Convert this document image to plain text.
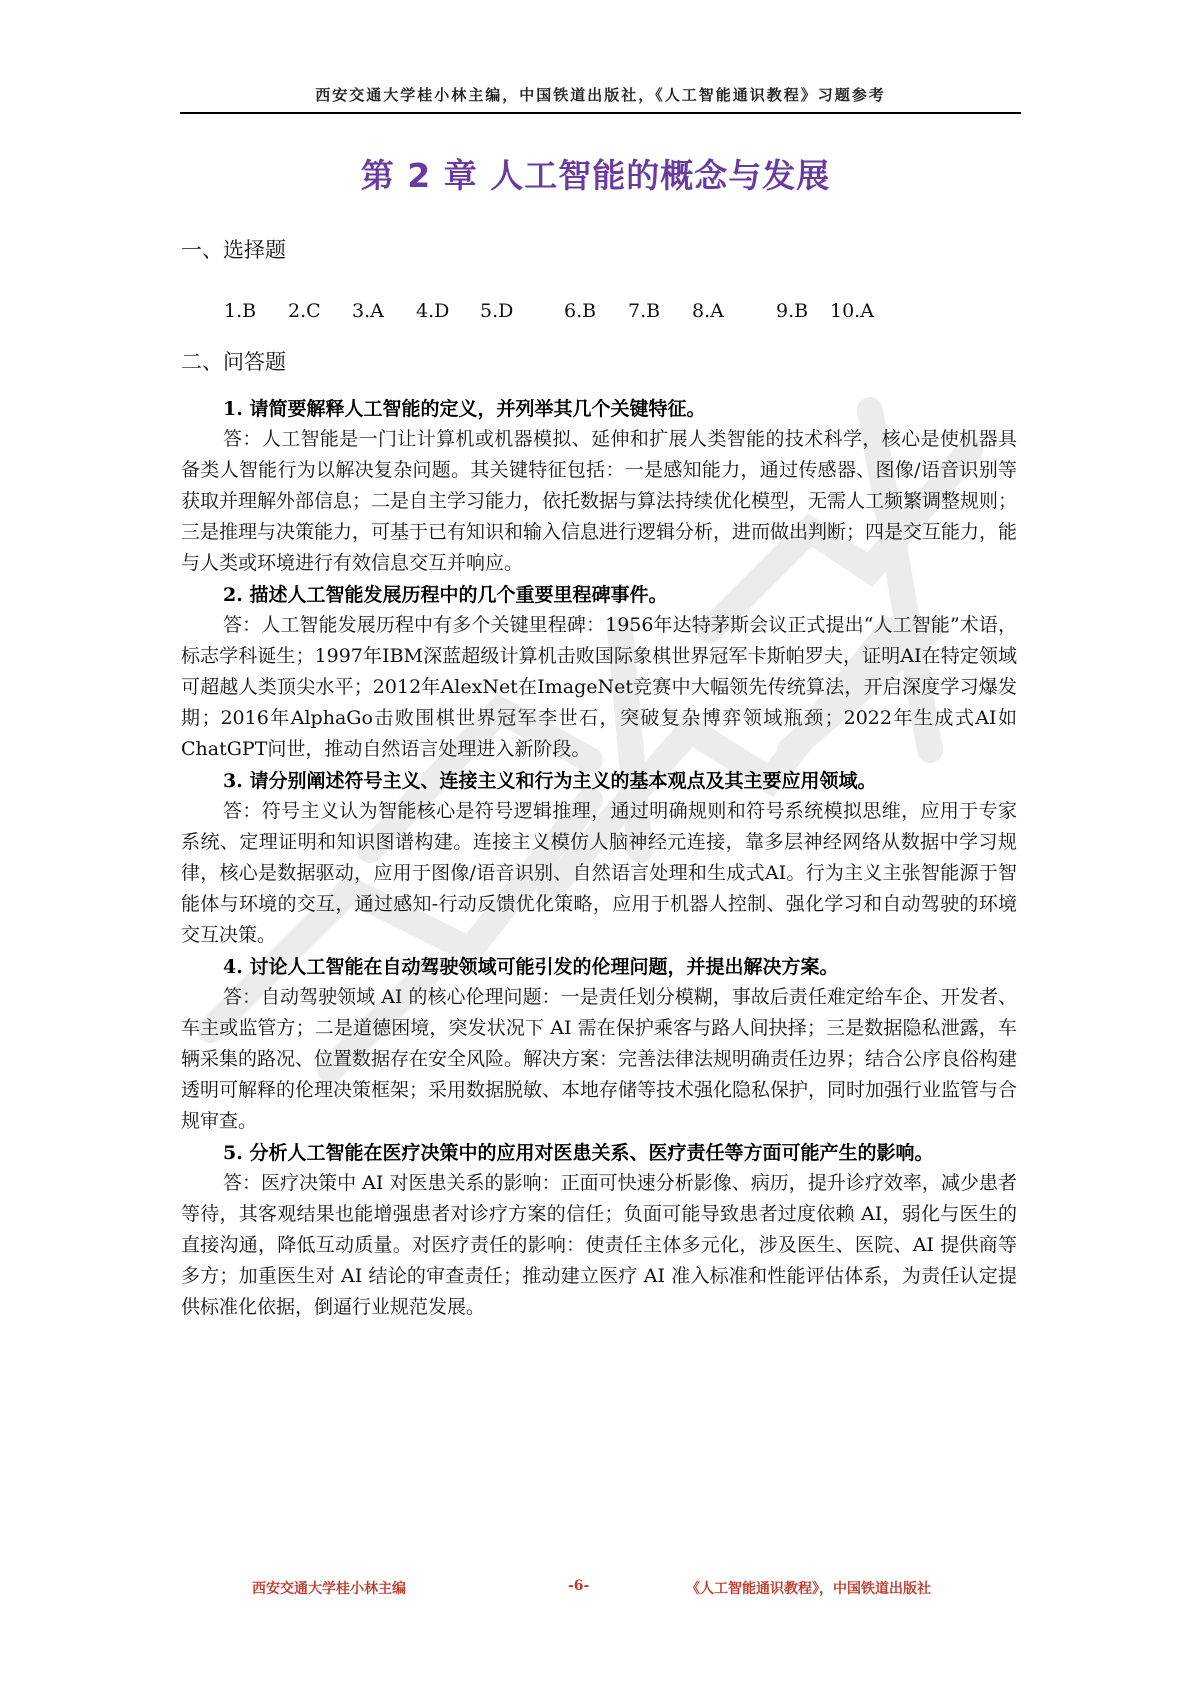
西安交通大学桂小林主编，中国铁道出版社，《人工智能通识教程》习题参考
第 2 章 人工智能的概念与发展
一、选择题
1.B 2.C 3.A 4.D 5.D	6.B 7.B 8.A	9.B 10.A
二、问答题

1. 请简要解释人工智能的定义，并列举其几个关键特征。

答：人工智能是一门让计算机或机器模拟、延伸和扩展人类智能的技术科学，核心是使机器具备类人智能行为以解决复杂问题。其关键特征包括：一是感知能力，通过传感器、图像/语音识别等获取并理解外部信息；二是自主学习能力，依托数据与算法持续优化模型，无需人工频繁调整规则；三是推理与决策能力，可基于已有知识和输入信息进行逻辑分析，进而做出判断；四是交互能力，能与人类或环境进行有效信息交互并响应。

2. 描述人工智能发展历程中的几个重要里程碑事件。

答：人工智能发展历程中有多个关键里程碑：1956年达特茅斯会议正式提出“人工智能”术语，标志学科诞生；1997年IBM深蓝超级计算机击败国际象棋世界冠军卡斯帕罗夫，证明AI在特定领域可超越人类顶尖水平；2012年AlexNet在ImageNet竞赛中大幅领先传统算法，开启深度学习爆发期；2016年AlphaGo击败围棋世界冠军李世石，突破复杂博弈领域瓶颈；2022年生成式AI如ChatGPT问世，推动自然语言处理进入新阶段。

3. 请分别阐述符号主义、连接主义和行为主义的基本观点及其主要应用领域。

答：符号主义认为智能核心是符号逻辑推理，通过明确规则和符号系统模拟思维，应用于专家系统、定理证明和知识图谱构建。连接主义模仿人脑神经元连接，靠多层神经网络从数据中学习规律，核心是数据驱动，应用于图像/语音识别、自然语言处理和生成式AI。行为主义主张智能源于智能体与环境的交互，通过感知-行动反馈优化策略，应用于机器人控制、强化学习和自动驾驶的环境交互决策。

4. 讨论人工智能在自动驾驶领域可能引发的伦理问题，并提出解决方案。

答：自动驾驶领域 AI 的核心伦理问题：一是责任划分模糊，事故后责任难定给车企、开发者、车主或监管方；二是道德困境，突发状况下 AI 需在保护乘客与路人间抉择；三是数据隐私泄露，车辆采集的路况、位置数据存在安全风险。解决方案：完善法律法规明确责任边界；结合公序良俗构建透明可解释的伦理决策框架；采用数据脱敏、本地存储等技术强化隐私保护，同时加强行业监管与合规审查。

5. 分析人工智能在医疗决策中的应用对医患关系、医疗责任等方面可能产生的影响。

答：医疗决策中 AI 对医患关系的影响：正面可快速分析影像、病历，提升诊疗效率，减少患者等待，其客观结果也能增强患者对诊疗方案的信任；负面可能导致患者过度依赖 AI，弱化与医生的直接沟通，降低互动质量。对医疗责任的影响：使责任主体多元化，涉及医生、医院、AI 提供商等多方；加重医生对 AI 结论的审查责任；推动建立医疗 AI 准入标准和性能评估体系，为责任认定提供标准化依据，倒逼行业规范发展。

西安交通大学桂小林主编	-6-	《人工智能通识教程》，中国铁道出版社
